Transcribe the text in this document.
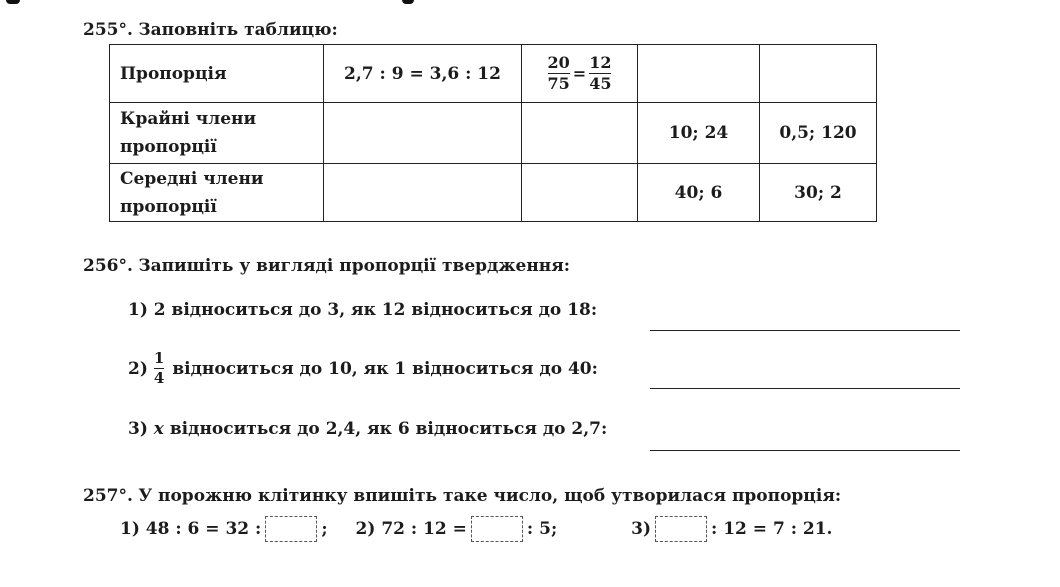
255°. Заповніть таблицю:
Пропорція	2,7 : 9 = 3,6 : 12	$\frac{20}{75} = \frac{12}{45}$

Крайні члени
пропорції			10; 24	0,5; 120

Середні члени
пропорції			40; 6	30; 2
256°. Запишіть у вигляді пропорції твердження:
1) 2 відноситься до 3, як 12 відноситься до 18:
$2) \frac{1}{4}$ відноситься до 10, як 1 відноситься до 40:
3) x відноситься до 2,4, як 6 відноситься до 2,7:
257°. У порожню клітинку впишіть таке число, щоб утворилася пропорція:
1) 48 : 6 = 32 :	;
2) 72 : 12 =	: 5;
	3)	: 12 = 7 : 21.
